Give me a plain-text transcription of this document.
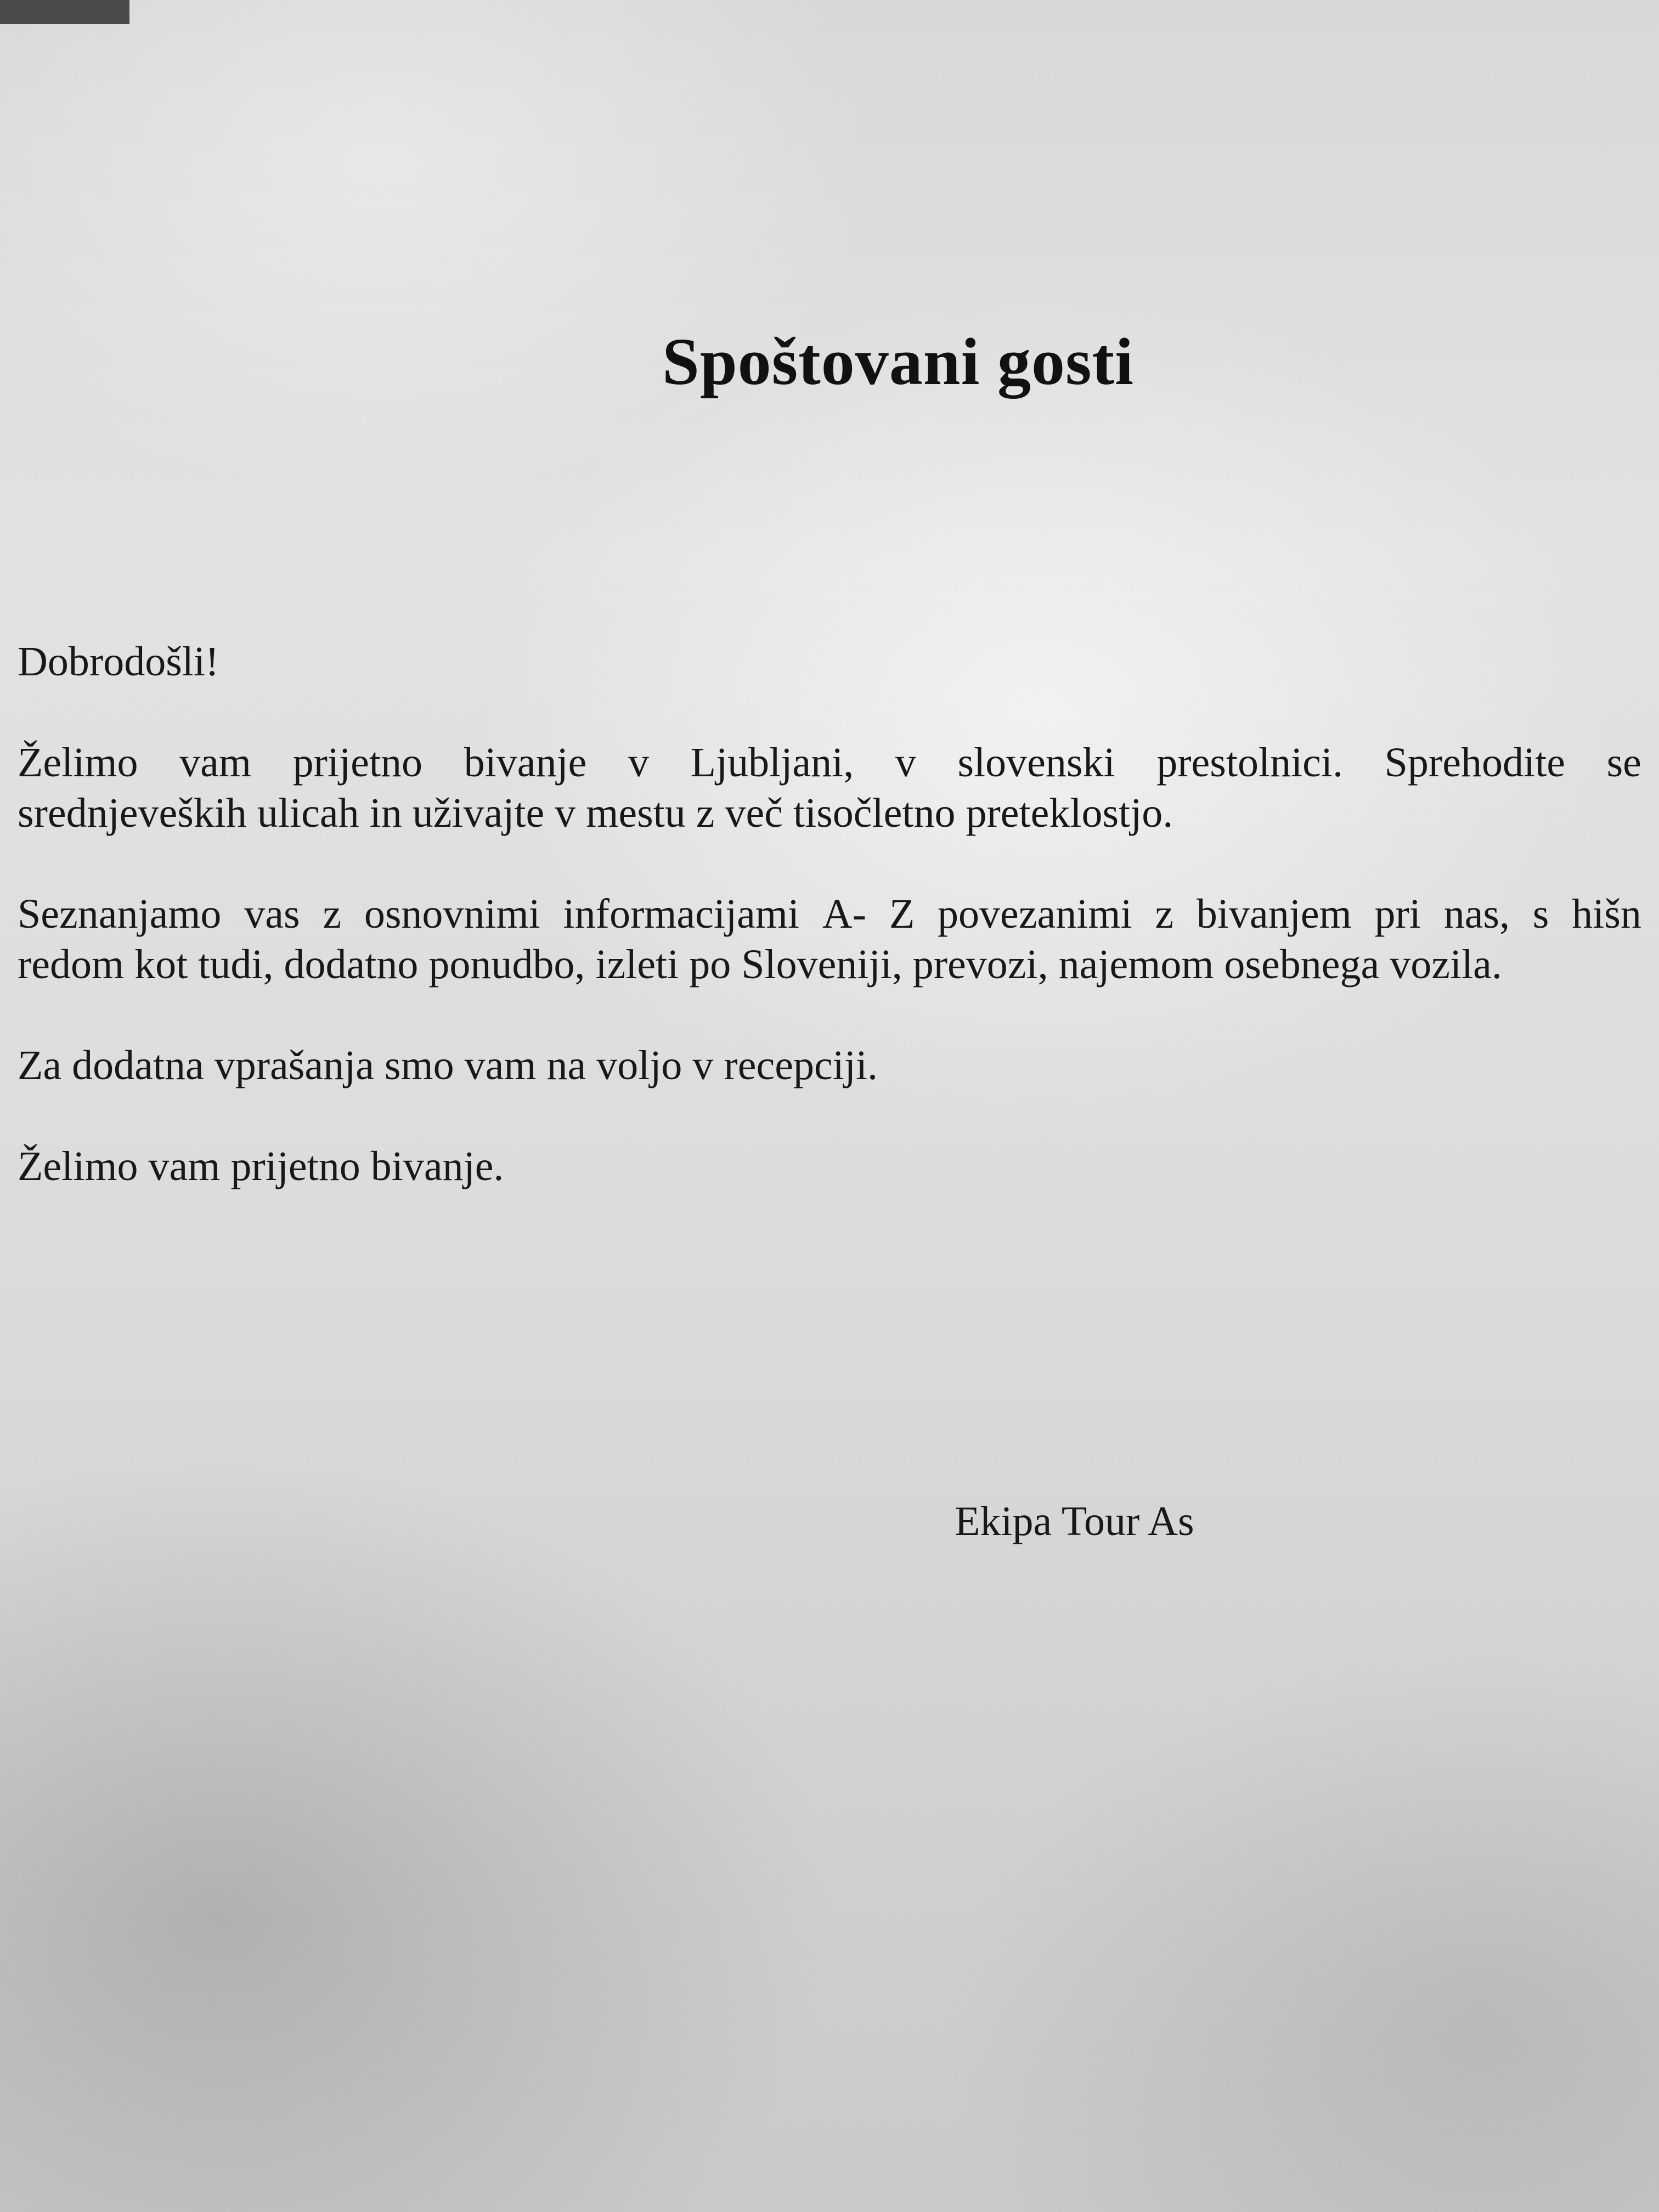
Spoštovani gosti

Dobrodošli!

Želimo vam prijetno bivanje v Ljubljani, v slovenski prestolnici. Sprehodite se
srednjeveških ulicah in uživajte v mestu z več tisočletno preteklostjo.

Seznanjamo vas z osnovnimi informacijami A- Z povezanimi z bivanjem pri nas, s hišn
redom kot tudi, dodatno ponudbo, izleti po Sloveniji, prevozi, najemom osebnega vozila.

Za dodatna vprašanja smo vam na voljo v recepciji.

Želimo vam prijetno bivanje.

Ekipa Tour As
